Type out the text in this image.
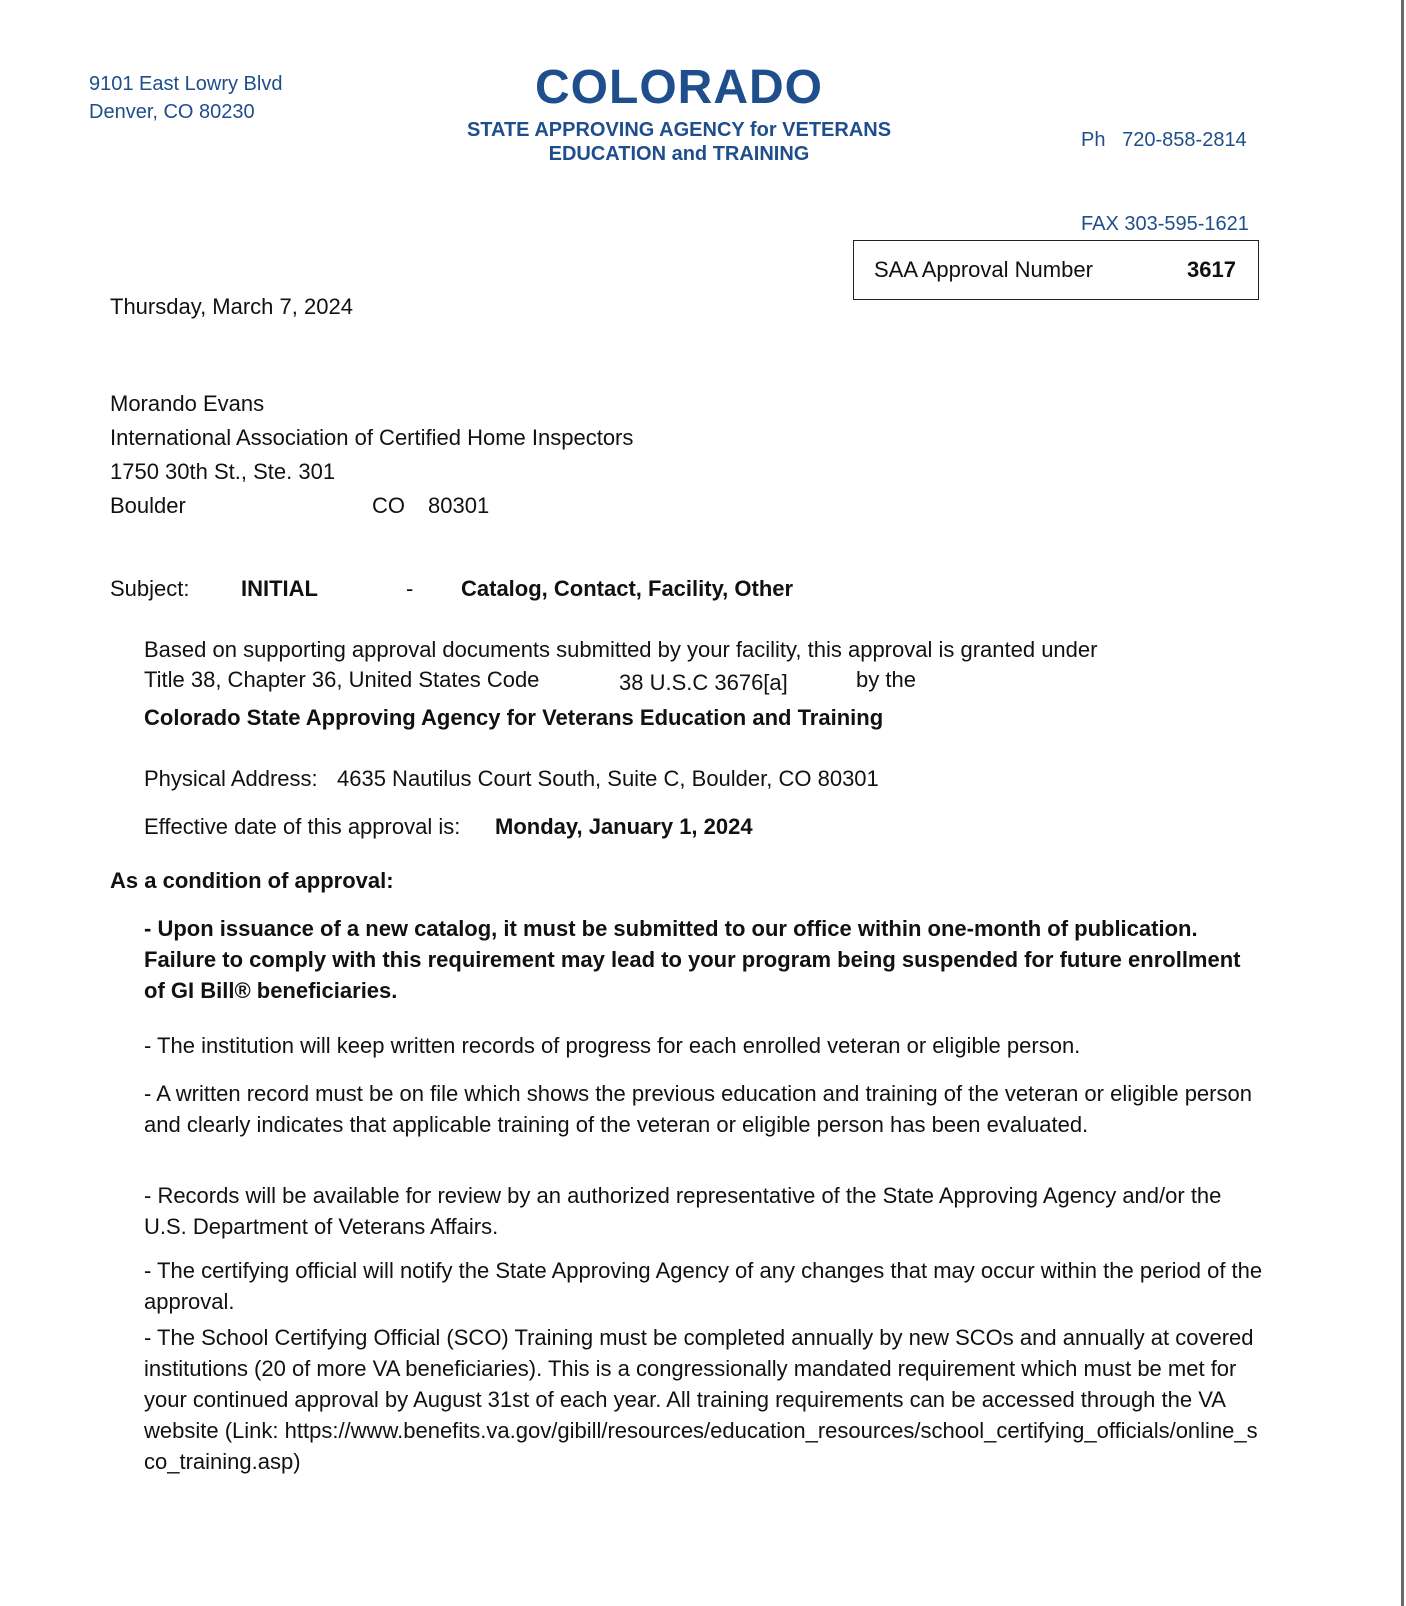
9101 East Lowry Blvd
Denver, CO 80230	COLORADO
STATE APPROVING AGENCY for VETERANS
EDUCATION and TRAINING

Ph   720-858-2814

FAX 303-595-1621

SAA Approval Number	3617
Thursday, March 7, 2024
Morando Evans
International Association of Certified Home Inspectors
1750 30th St., Ste. 301
Boulder	CO 80301
Subject: INITIAL	- Catalog, Contact, Facility, Other
Based on supporting approval documents submitted by your facility, this approval is granted under
Title 38, Chapter 36, United States Code	38 U.S.C 3676[a]	by the
Colorado State Approving Agency for Veterans Education and Training
Physical Address: 4635 Nautilus Court South, Suite C, Boulder, CO 80301
Effective date of this approval is: Monday, January 1, 2024
As a condition of approval:
- Upon issuance of a new catalog, it must be submitted to our office within one-month of publication. Failure to comply with this requirement may lead to your program being suspended for future enrollment of GI Bill® beneficiaries.
- The institution will keep written records of progress for each enrolled veteran or eligible person.
- A written record must be on file which shows the previous education and training of the veteran or eligible person and clearly indicates that applicable training of the veteran or eligible person has been evaluated.
- Records will be available for review by an authorized representative of the State Approving Agency and/or the U.S. Department of Veterans Affairs.
- The certifying official will notify the State Approving Agency of any changes that may occur within the period of the approval.
- The School Certifying Official (SCO) Training must be completed annually by new SCOs and annually at covered institutions (20 of more VA beneficiaries). This is a congressionally mandated requirement which must be met for your continued approval by August 31st of each year. All training requirements can be accessed through the VA website (Link: https://www.benefits.va.gov/gibill/resources/education_resources/school_certifying_officials/online_sco_training.asp)
